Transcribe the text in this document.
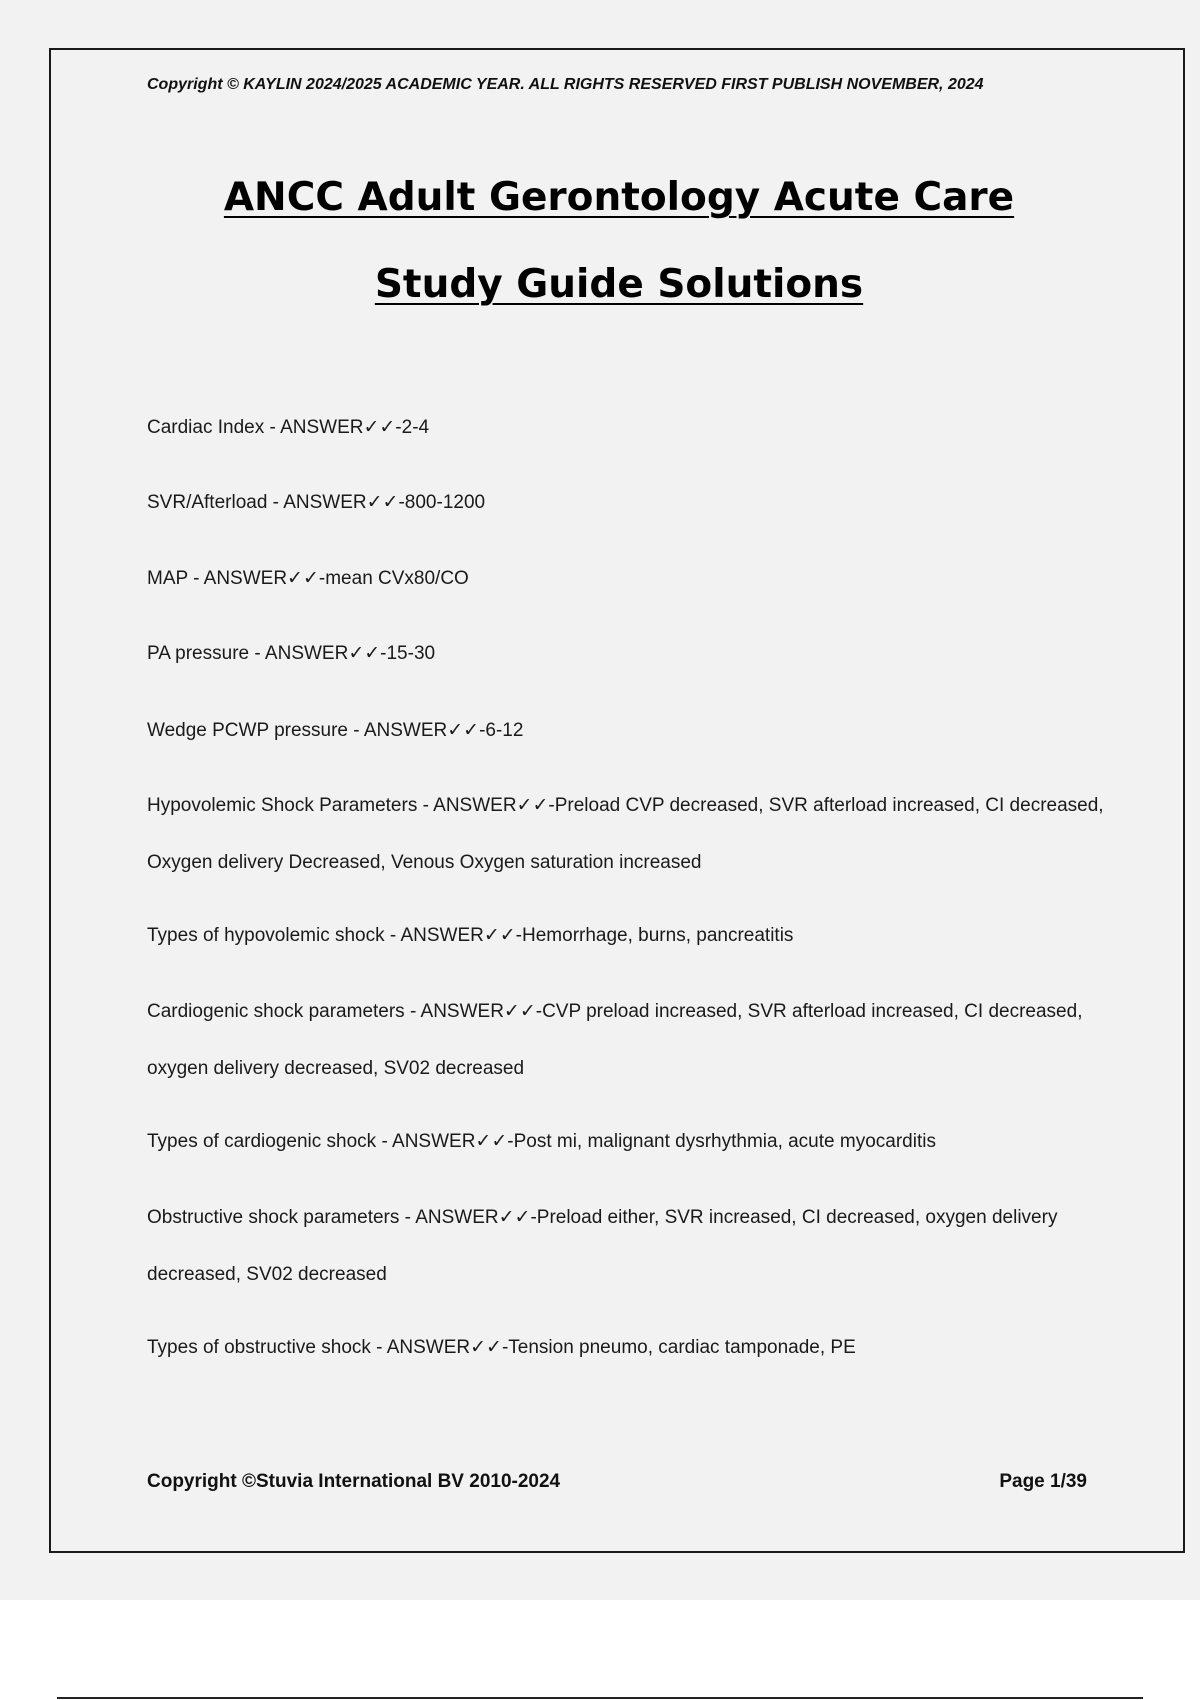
Copyright © KAYLIN 2024/2025 ACADEMIC YEAR. ALL RIGHTS RESERVED FIRST PUBLISH NOVEMBER, 2024
ANCC Adult Gerontology Acute Care
Study Guide Solutions
Cardiac Index - ANSWER✓✓-2-4
SVR/Afterload - ANSWER✓✓-800-1200
MAP - ANSWER✓✓-mean CVx80/CO
PA pressure - ANSWER✓✓-15-30
Wedge PCWP pressure - ANSWER✓✓-6-12
Hypovolemic Shock Parameters - ANSWER✓✓-Preload CVP decreased, SVR afterload increased, CI decreased, Oxygen delivery Decreased, Venous Oxygen saturation increased
Types of hypovolemic shock - ANSWER✓✓-Hemorrhage, burns, pancreatitis
Cardiogenic shock parameters - ANSWER✓✓-CVP preload increased, SVR afterload increased, CI decreased, oxygen delivery decreased, SV02 decreased
Types of cardiogenic shock - ANSWER✓✓-Post mi, malignant dysrhythmia, acute myocarditis
Obstructive shock parameters - ANSWER✓✓-Preload either, SVR increased, CI decreased, oxygen delivery decreased, SV02 decreased
Types of obstructive shock - ANSWER✓✓-Tension pneumo, cardiac tamponade, PE
Copyright ©Stuvia International BV 2010-2024	Page 1/39
